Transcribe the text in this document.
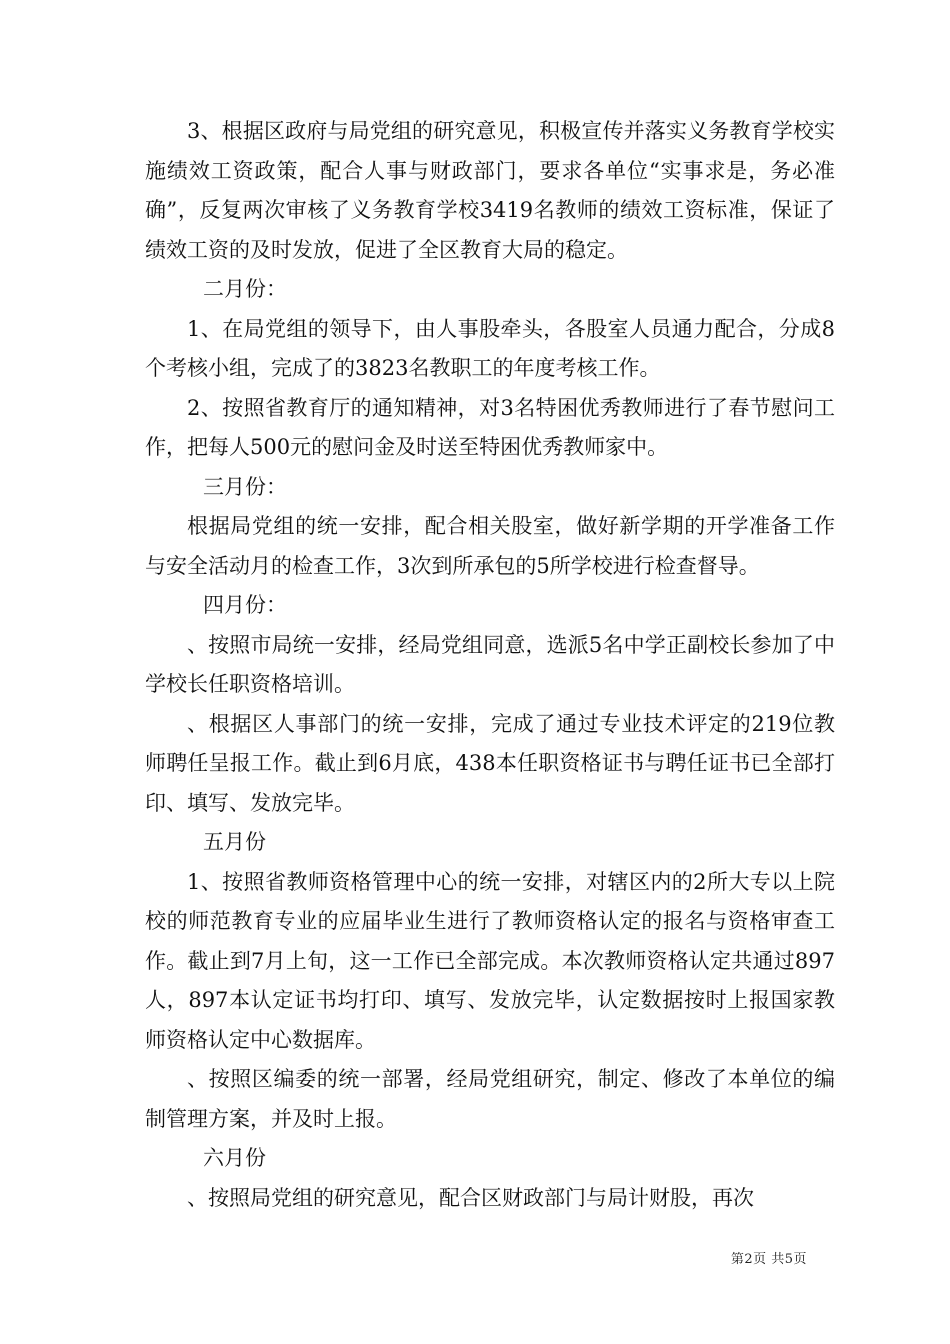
3、根据区政府与局党组的研究意见，积极宣传并落实义务教育学校实施绩效工资政策，配合人事与财政部门，要求各单位“实事求是，务必准确”，反复两次审核了义务教育学校3419名教师的绩效工资标准，保证了绩效工资的及时发放，促进了全区教育大局的稳定。

二月份：

1、在局党组的领导下，由人事股牵头，各股室人员通力配合，分成8个考核小组，完成了的3823名教职工的年度考核工作。

2、按照省教育厅的通知精神，对3名特困优秀教师进行了春节慰问工作，把每人500元的慰问金及时送至特困优秀教师家中。

三月份：

根据局党组的统一安排，配合相关股室，做好新学期的开学准备工作与安全活动月的检查工作，3次到所承包的5所学校进行检查督导。

四月份：

、按照市局统一安排，经局党组同意，选派5名中学正副校长参加了中学校长任职资格培训。

、根据区人事部门的统一安排，完成了通过专业技术评定的219位教师聘任呈报工作。截止到6月底，438本任职资格证书与聘任证书已全部打印、填写、发放完毕。

五月份

1、按照省教师资格管理中心的统一安排，对辖区内的2所大专以上院校的师范教育专业的应届毕业生进行了教师资格认定的报名与资格审查工作。截止到7月上旬，这一工作已全部完成。本次教师资格认定共通过897人，897本认定证书均打印、填写、发放完毕，认定数据按时上报国家教师资格认定中心数据库。

、按照区编委的统一部署，经局党组研究，制定、修改了本单位的编制管理方案，并及时上报。

六月份

、按照局党组的研究意见，配合区财政部门与局计财股，再次

第2页 共5页
